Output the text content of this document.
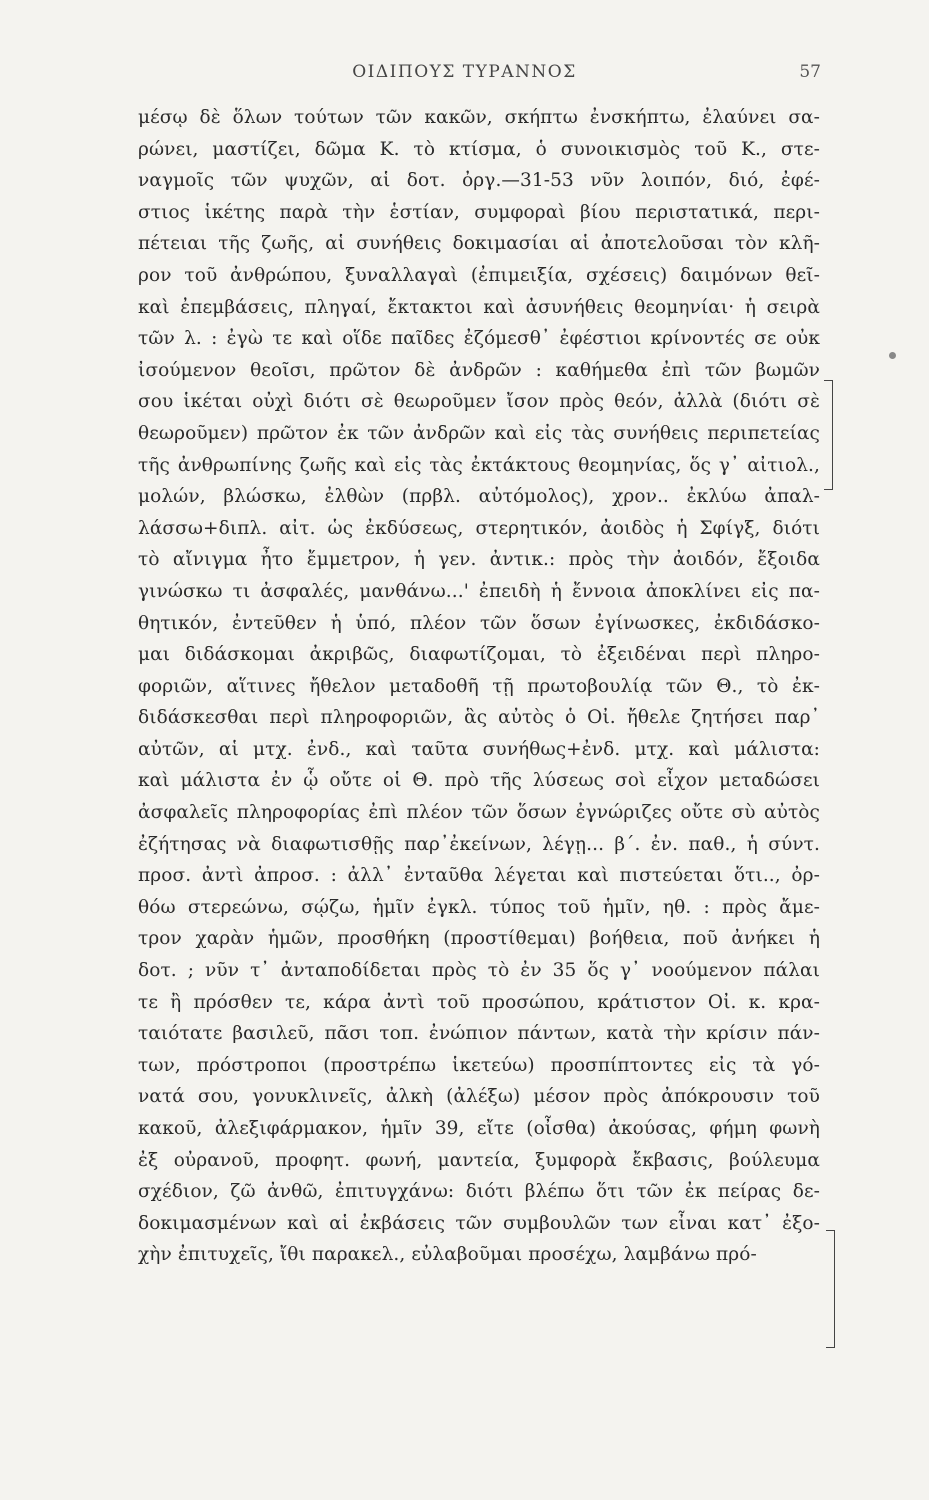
ΟΙΔΙΠΟΥΣ ΤΥΡΑΝΝΟΣ	57
μέσῳ δὲ ὅλων τούτων τῶν κακῶν, σκήπτω ἐνσκήπτω, ἐλαύνει σα-
ρώνει, μαστίζει, δῶμα Κ. τὸ κτίσμα, ὁ συνοικισμὸς τοῦ Κ., στε-
ναγμοῖς τῶν ψυχῶν, αἱ δοτ. ὀργ.—31-53 νῦν λοιπόν, διό, ἐφέ-
στιος ἱκέτης παρὰ τὴν ἑστίαν, συμφοραὶ βίου περιστατικά, περι-
πέτειαι τῆς ζωῆς, αἱ συνήθεις δοκιμασίαι αἱ ἀποτελοῦσαι τὸν κλῆ-
ρον τοῦ ἀνθρώπου, ξυναλλαγαὶ (ἐπιμειξία, σχέσεις) δαιμόνων θεῖ-
καὶ ἐπεμβάσεις, πληγαί, ἔκτακτοι καὶ ἀσυνήθεις θεομηνίαι· ἡ σειρὰ
τῶν λ. : ἐγὼ τε καὶ οἵδε παῖδες ἐζόμεσθ᾽ ἐφέστιοι κρίνοντές σε οὐκ
ἰσούμενον θεοῖσι, πρῶτον δὲ ἀνδρῶν : καθήμεθα ἐπὶ τῶν βωμῶν
σου ἱκέται οὐχὶ διότι σὲ θεωροῦμεν ἴσον πρὸς θεόν, ἀλλὰ (διότι σὲ
θεωροῦμεν) πρῶτον ἐκ τῶν ἀνδρῶν καὶ εἰς τὰς συνήθεις περιπετείας
τῆς ἀνθρωπίνης ζωῆς καὶ εἰς τὰς ἐκτάκτους θεομηνίας, ὅς γ᾽ αἰτιολ.,
μολών, βλώσκω, ἐλθὼν (πρβλ. αὐτόμολος), χρον.. ἐκλύω ἀπαλ-
λάσσω+διπλ. αἰτ. ὡς ἐκδύσεως, στερητικόν, ἀοιδὸς ἡ Σφίγξ, διότι
τὸ αἴνιγμα ἦτο ἔμμετρον, ἡ γεν. ἀντικ.: πρὸς τὴν ἀοιδόν, ἔξοιδα
γινώσκω τι ἀσφαλές, μανθάνω...' ἐπειδὴ ἡ ἔννοια ἀποκλίνει εἰς πα-
θητικόν, ἐντεῦθεν ἡ ὑπό, πλέον τῶν ὅσων ἐγίνωσκες, ἐκδιδάσκο-
μαι διδάσκομαι ἀκριβῶς, διαφωτίζομαι, τὸ ἐξειδέναι περὶ πληρο-
φοριῶν, αἵτινες ἤθελον μεταδοθῆ τῇ πρωτοβουλίᾳ τῶν Θ., τὸ ἐκ-
διδάσκεσθαι περὶ πληροφοριῶν, ἃς αὐτὸς ὁ Οἰ. ἤθελε ζητήσει παρ᾽
αὐτῶν, αἱ μτχ. ἐνδ., καὶ ταῦτα συνήθως+ἐνδ. μτχ. καὶ μάλιστα:
καὶ μάλιστα ἐν ᾧ οὔτε οἱ Θ. πρὸ τῆς λύσεως σοὶ εἶχον μεταδώσει
ἀσφαλεῖς πληροφορίας ἐπὶ πλέον τῶν ὅσων ἐγνώριζες οὔτε σὺ αὐτὸς
ἐζήτησας νὰ διαφωτισθῇς παρ᾽ἐκείνων, λέγῃ... β΄. ἐν. παθ., ἡ σύντ.
προσ. ἀντὶ ἀπροσ. : ἀλλ᾽ ἐνταῦθα λέγεται καὶ πιστεύεται ὅτι.., ὀρ-
θόω στερεώνω, σῴζω, ἡμῖν ἐγκλ. τύπος τοῦ ἡμῖν, ηθ. : πρὸς ἄμε-
τρον χαρὰν ἡμῶν, προσθήκη (προστίθεμαι) βοήθεια, ποῦ ἀνήκει ἡ
δοτ. ; νῦν τ᾽ ἀνταποδίδεται πρὸς τὸ ἐν 35 ὅς γ᾽ νοούμενον πάλαι
τε ἢ πρόσθεν τε, κάρα ἀντὶ τοῦ προσώπου, κράτιστον Οἰ. κ. κρα-
ταιότατε βασιλεῦ, πᾶσι τοπ. ἐνώπιον πάντων, κατὰ τὴν κρίσιν πάν-
των, πρόστροποι (προστρέπω ἱκετεύω) προσπίπτοντες εἰς τὰ γό-
νατά σου, γονυκλινεῖς, ἀλκὴ (ἀλέξω) μέσον πρὸς ἀπόκρουσιν τοῦ
κακοῦ, ἀλεξιφάρμακον, ἡμῖν 39, εἴτε (οἶσθα) ἀκούσας, φήμη φωνὴ
ἐξ οὐρανοῦ, προφητ. φωνή, μαντεία, ξυμφορὰ ἔκβασις, βούλευμα
σχέδιον, ζῶ ἀνθῶ, ἐπιτυγχάνω: διότι βλέπω ὅτι τῶν ἐκ πείρας δε-
δοκιμασμένων καὶ αἱ ἐκβάσεις τῶν συμβουλῶν των εἶναι κατ᾽ ἐξο-
χὴν ἐπιτυχεῖς, ἴθι παρακελ., εὐλαβοῦμαι προσέχω, λαμβάνω πρό-
